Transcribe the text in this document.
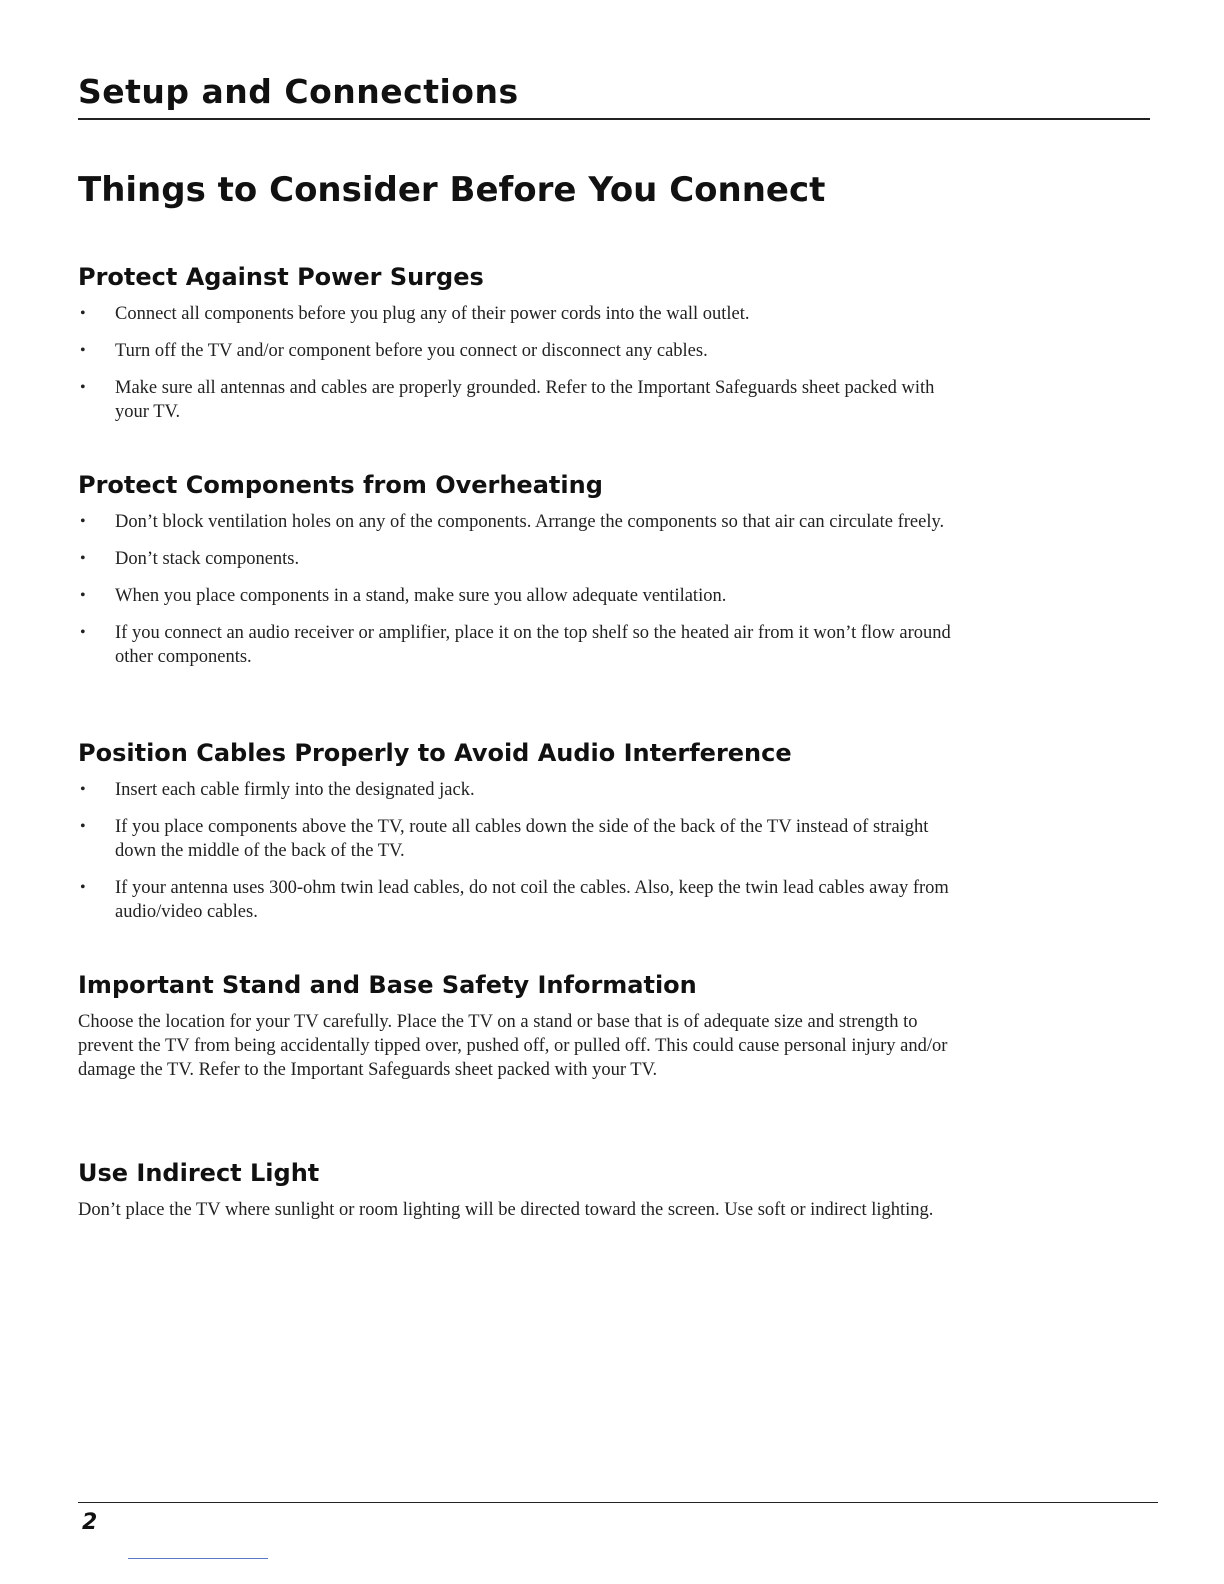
Setup and Connections
Things to Consider Before You Connect
Protect Against Power Surges
• Connect all components before you plug any of their power cords into the wall outlet.
• Turn off the TV and/or component before you connect or disconnect any cables.
• Make sure all antennas and cables are properly grounded. Refer to the Important Safeguards sheet packed with your TV.
Protect Components from Overheating
• Don’t block ventilation holes on any of the components. Arrange the components so that air can circulate freely.
• Don’t stack components.
• When you place components in a stand, make sure you allow adequate ventilation.
• If you connect an audio receiver or amplifier, place it on the top shelf so the heated air from it won’t flow around other components.
Position Cables Properly to Avoid Audio Interference
• Insert each cable firmly into the designated jack.
• If you place components above the TV, route all cables down the side of the back of the TV instead of straight down the middle of the back of the TV.
• If your antenna uses 300-ohm twin lead cables, do not coil the cables. Also, keep the twin lead cables away from audio/video cables.
Important Stand and Base Safety Information

Choose the location for your TV carefully. Place the TV on a stand or base that is of adequate size and strength to prevent the TV from being accidentally tipped over, pushed off, or pulled off. This could cause personal injury and/or damage the TV. Refer to the Important Safeguards sheet packed with your TV.

Use Indirect Light

Don’t place the TV where sunlight or room lighting will be directed toward the screen. Use soft or indirect lighting.

2
